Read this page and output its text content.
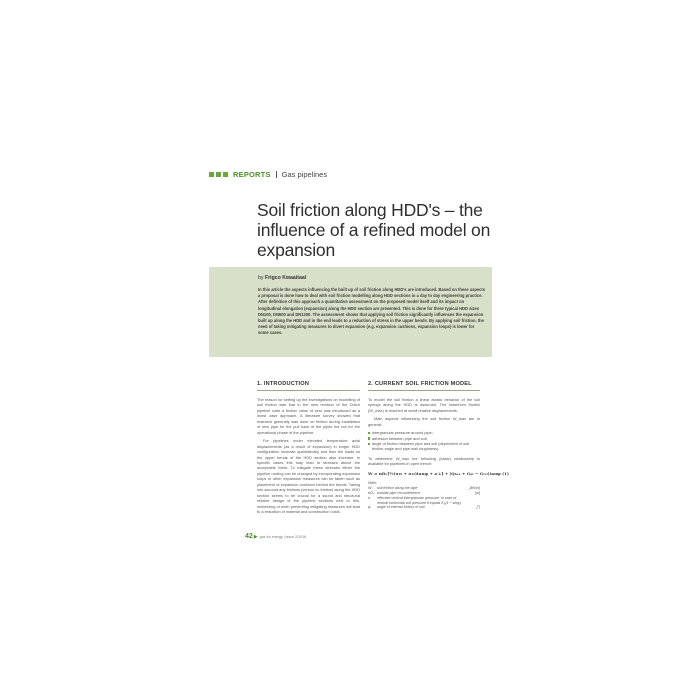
REPORTS Gas pipelines
Soil friction along HDD's – the influence of a refined model on expansion
by Frigco Kwaaitaal

In this article the aspects influencing the built up of soil friction along HDD's are introduced. Based on these aspects a proposal is done how to deal with soil friction modelling along HDD sections in a day to day engineering practice. After definition of this approach a quantitative assessment on the proposed model itself and its impact on longitudinal elongation (expansion) along the HDD section are presented. This is done for three typical HDD sizes DN100, DN600 and DN1200. The assessment shows that applying soil friction significantly influences the expansion built up along the HDD and in the end leads to a reduction of stress in the upper bends. By applying soil friction, the need of taking mitigating measures to divert expansion (e.g. expansion cushions, expansion loops) is lower for some cases.

1. INTRODUCTION

The reason for setting up the investigations on modelling of soil friction was that in the new revision of the Dutch pipeline code a friction value of zero was introduced as a worst case approach. A literature survey showed that research generally was done on friction during installation of new pipe for the pull back of the pipes but not for the operational phase of the pipeline.

For pipelines under elevated temperature axial displacements (as a result of expansion) in longer HDD configuration increase quadratically and thus the loads on the upper bends of the HDD section also increase. In specific cases this may lead to stresses above the acceptable limits. To mitigate these stresses either the pipeline routing can be changed by incorporating expansion loops or other expansion measures can be taken such as placement of expansion cushions behind the bends. Taking into account any frictions (versus no friction) along the HDD section seems to be crucial for a sound and structural reliable design of the pipeline sections next to this, minimizing or even preventing mitigating measures will lead to a reduction of material and construction costs.

2. CURRENT SOIL FRICTION MODEL

To model the soil friction a linear elastic behavior of the soil springs along the HDD is assumed. The maximum friction (W_max) is reached at small relative displacements.

Main aspects influencing the soil friction W_max are in general:

intergranular pressure around pipe;
adhesion between pipe and soil;
angle of friction between pipe and soil (dependent of soil friction angle and pipe wall roughness).

To determine W_max the following (basic) relationship is available for pipelines in open trench:

W = πDₒ[½(σ₁₀ + σ₁₂)tanφ + a·λ] + |Qₕₐₓ + Gₚₗ − Gₗₒₜ|tanφ (1)
With:
W	soil friction along the pipe	[kN/m]
πDₒ	outside pipe circumference	[m]
σ	effective vertical intergranular pressure, in case of neutral horizontal soil pressure it equals K₀(1 − sinφ)	
φ	angle of internal friction of soil	[°]
42 ▶ gas for energy | Issue 2/2016
